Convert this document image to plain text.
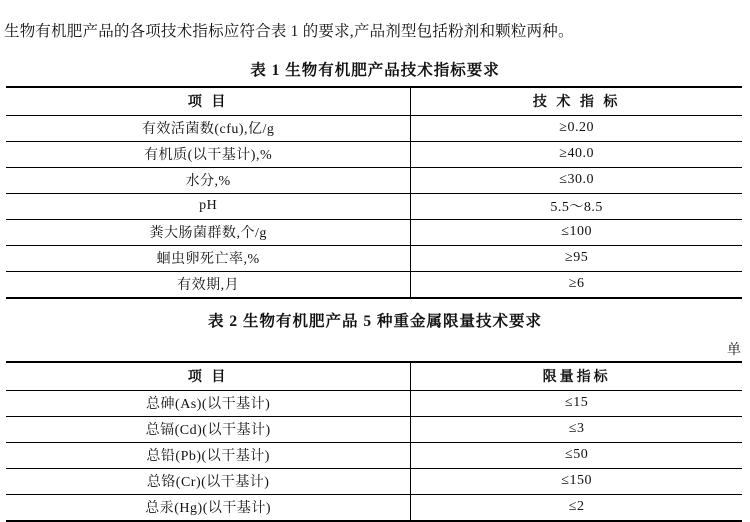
生物有机肥产品的各项技术指标应符合表 1 的要求,产品剂型包括粉剂和颗粒两种。

表 1 生物有机肥产品技术指标要求
项 目	技 术 指 标
有效活菌数(cfu),亿/g	≥0.20
有机质(以干基计),%	≥40.0
水分,%	≤30.0
pH	5.5～8.5
粪大肠菌群数,个/g	≤100
蛔虫卵死亡率,%	≥95
有效期,月	≥6
表 2 生物有机肥产品 5 种重金属限量技术要求
单
项 目	限量指标
总砷(As)(以干基计)	≤15
总镉(Cd)(以干基计)	≤3
总铅(Pb)(以干基计)	≤50
总铬(Cr)(以干基计)	≤150
总汞(Hg)(以干基计)	≤2
